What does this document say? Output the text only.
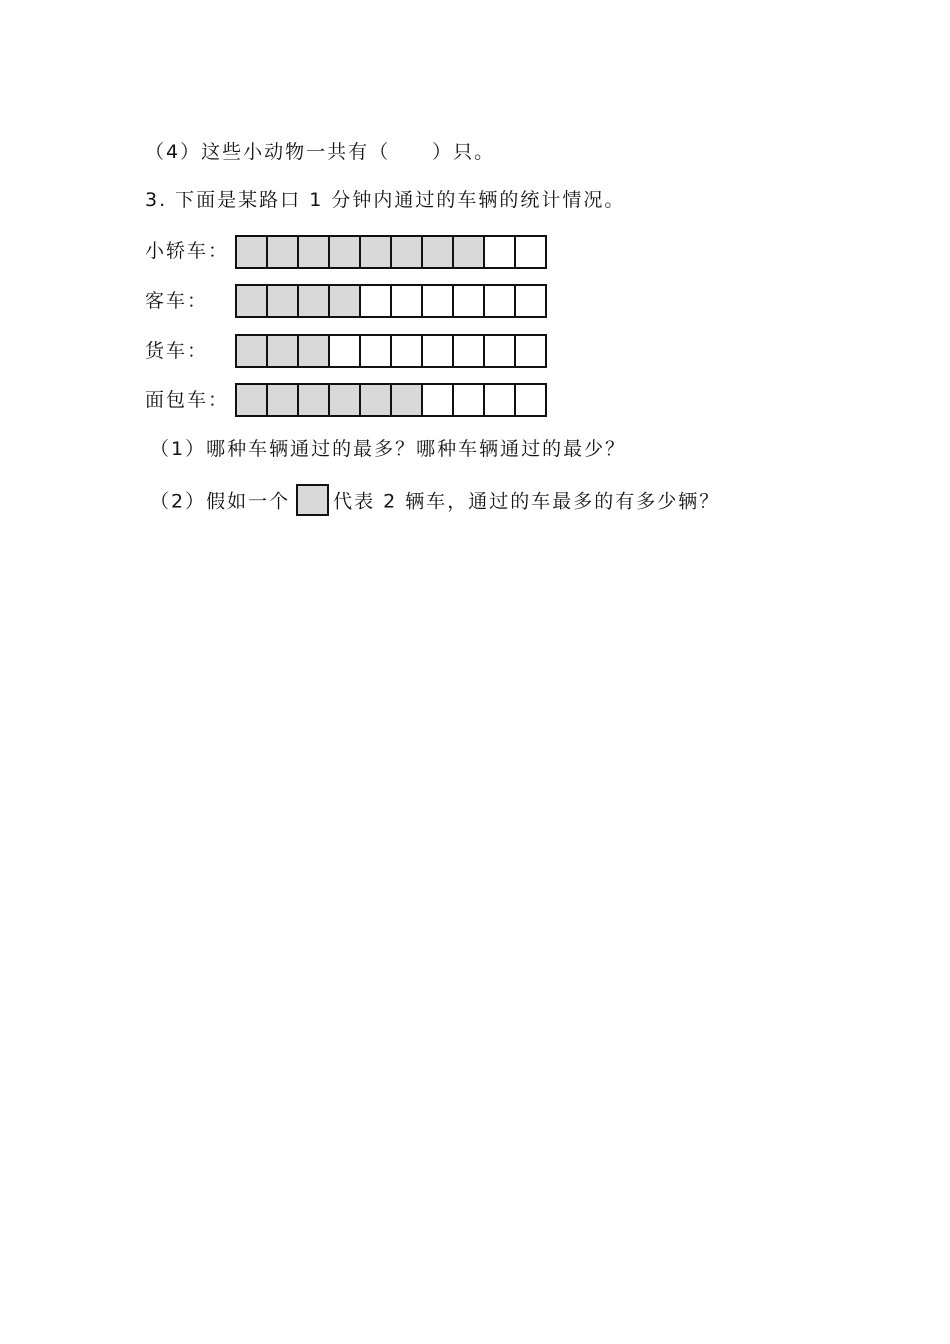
（4）这些小动物一共有（　　）只。
3. 下面是某路口 1 分钟内通过的车辆的统计情况。
小轿车：
客车：
货车：
面包车：
（1）哪种车辆通过的最多？哪种车辆通过的最少？
（2）假如一个 代表 2 辆车，通过的车最多的有多少辆？
